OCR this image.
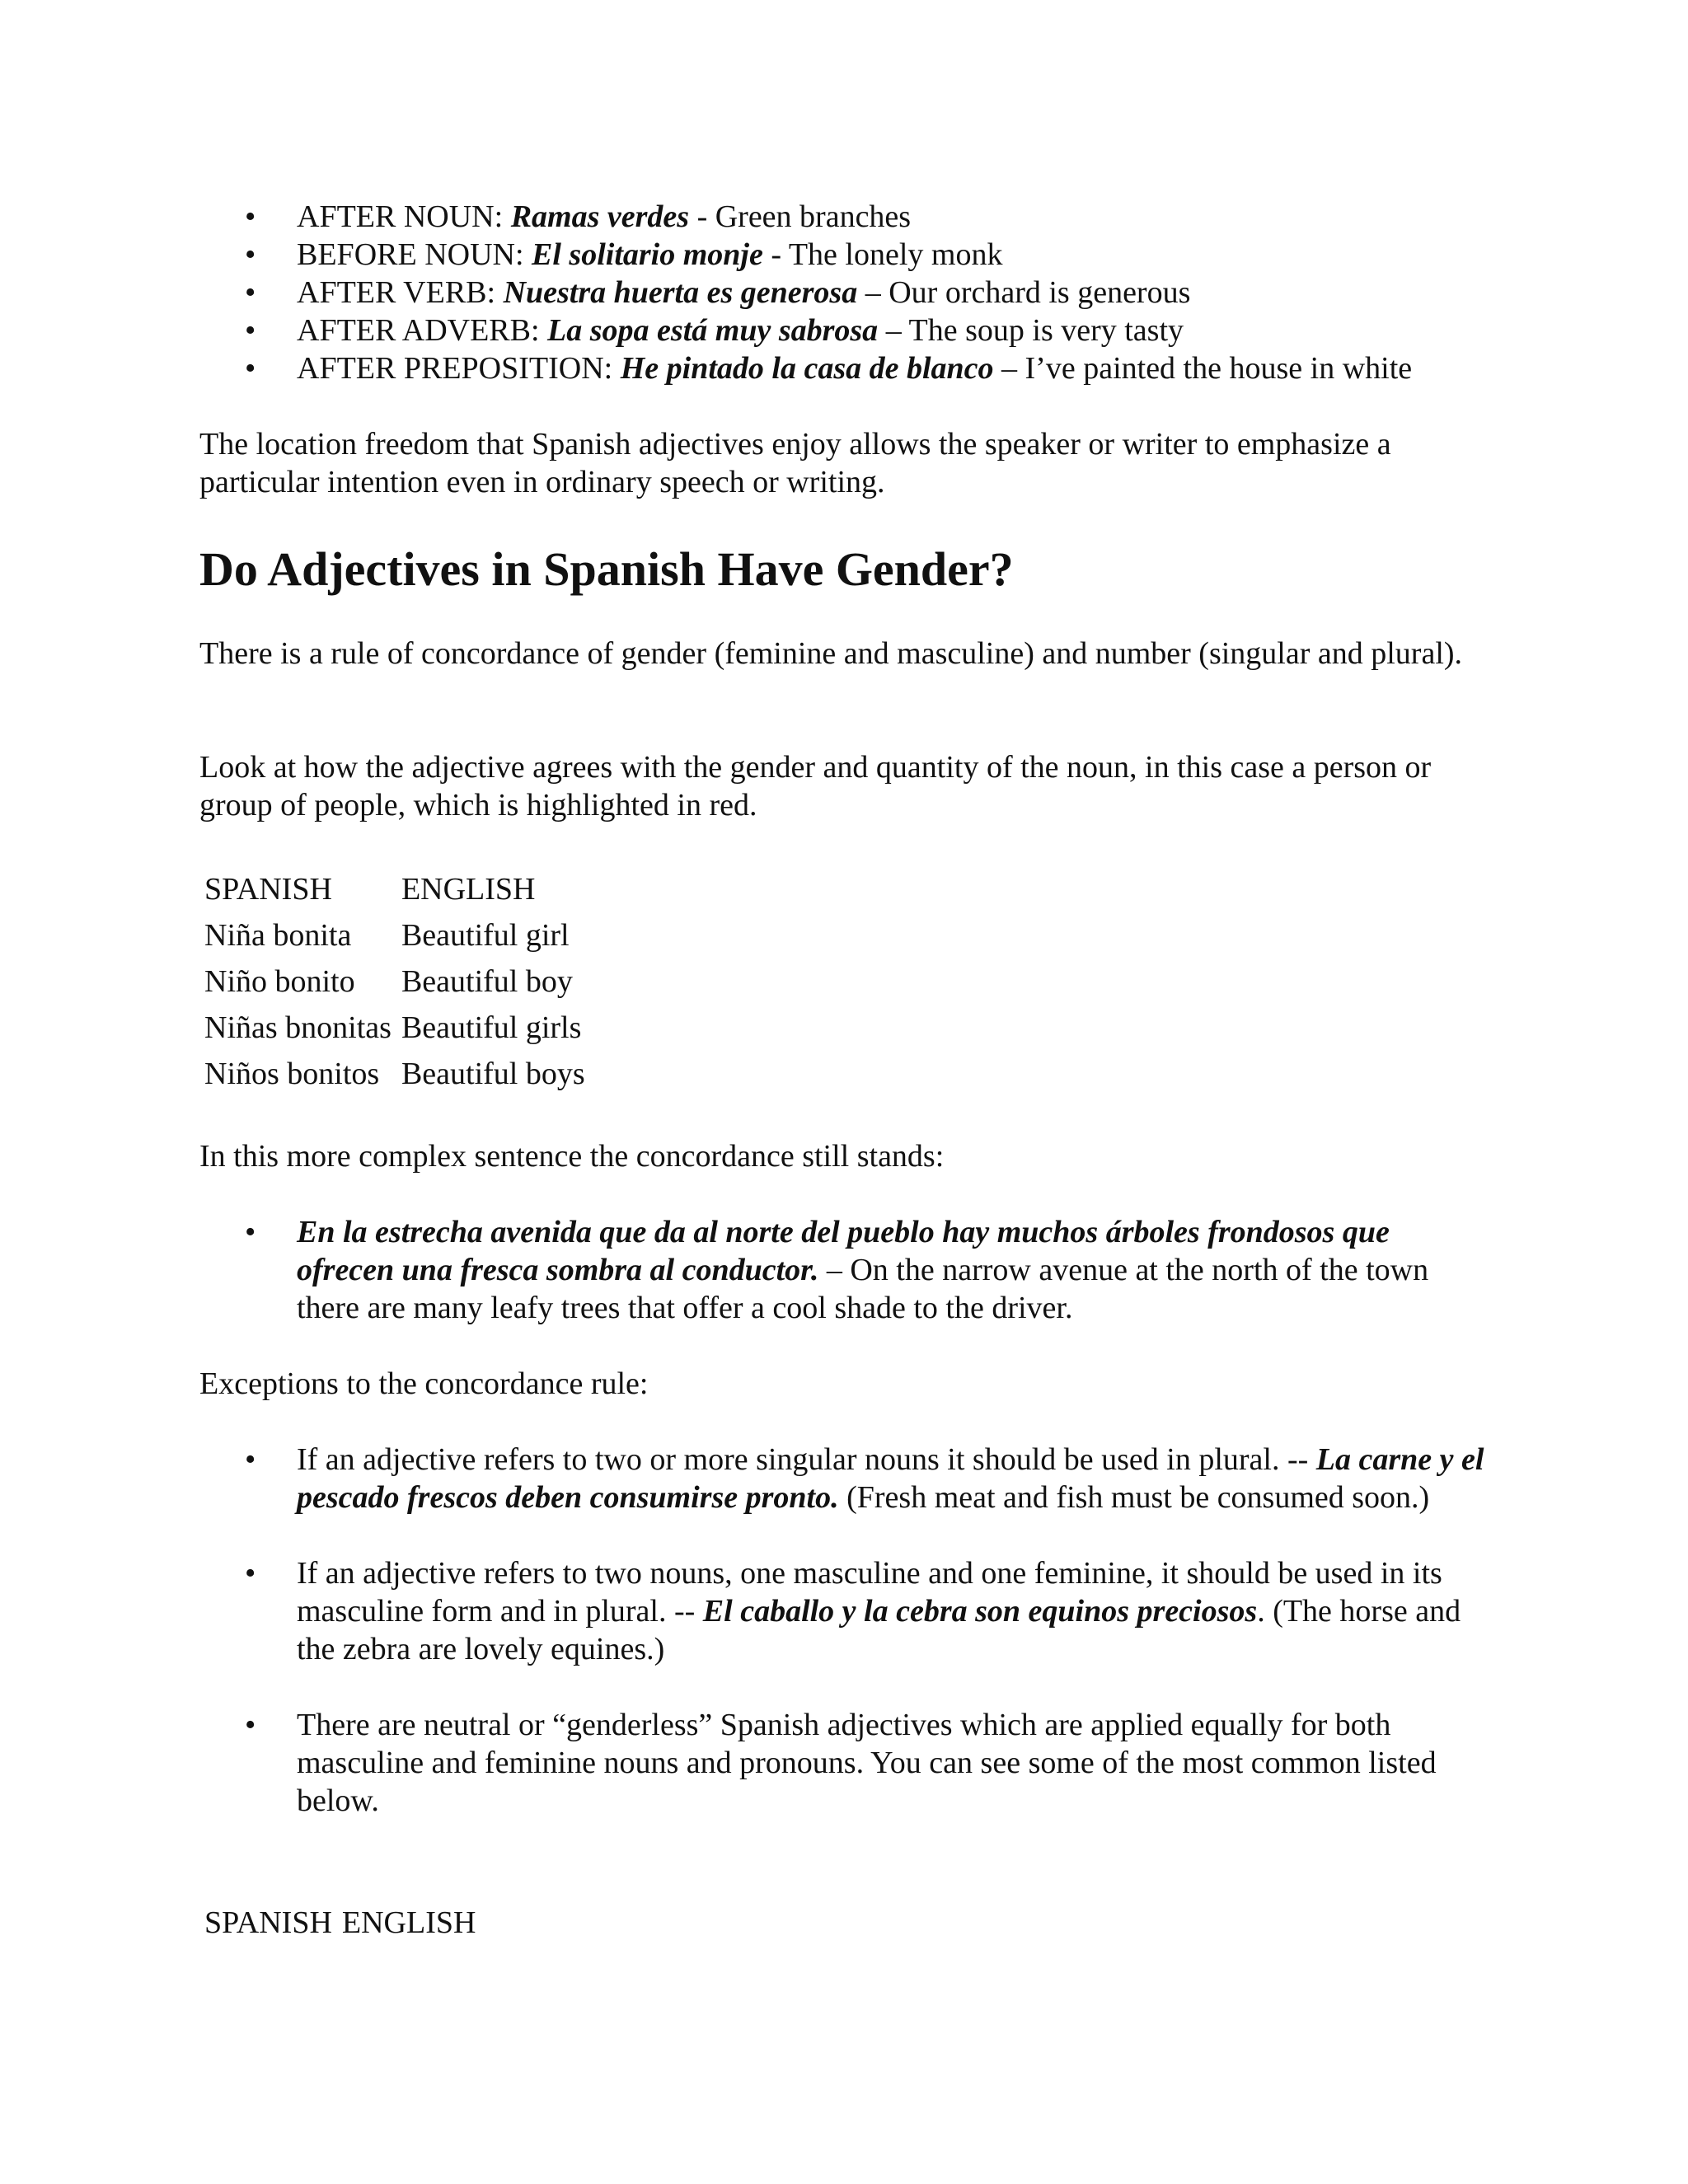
• AFTER NOUN: Ramas verdes - Green branches
• BEFORE NOUN: El solitario monje - The lonely monk
• AFTER VERB: Nuestra huerta es generosa – Our orchard is generous
• AFTER ADVERB: La sopa está muy sabrosa – The soup is very tasty
• AFTER PREPOSITION: He pintado la casa de blanco – I’ve painted the house in white

The location freedom that Spanish adjectives enjoy allows the speaker or writer to emphasize a particular intention even in ordinary speech or writing.

Do Adjectives in Spanish Have Gender?

There is a rule of concordance of gender (feminine and masculine) and number (singular and plural).

Look at how the adjective agrees with the gender and quantity of the noun, in this case a person or group of people, which is highlighted in red.

SPANISH	ENGLISH
Niña bonita	Beautiful girl
Niño bonito	Beautiful boy
Niñas bnonitas	Beautiful girls
Niños bonitos	Beautiful boys

In this more complex sentence the concordance still stands:

• En la estrecha avenida que da al norte del pueblo hay muchos árboles frondosos que ofrecen una fresca sombra al conductor. – On the narrow avenue at the north of the town there are many leafy trees that offer a cool shade to the driver.

Exceptions to the concordance rule:

• If an adjective refers to two or more singular nouns it should be used in plural. -- La carne y el pescado frescos deben consumirse pronto. (Fresh meat and fish must be consumed soon.)
• If an adjective refers to two nouns, one masculine and one feminine, it should be used in its masculine form and in plural. -- El caballo y la cebra son equinos preciosos. (The horse and the zebra are lovely equines.)
• There are neutral or “genderless” Spanish adjectives which are applied equally for both masculine and feminine nouns and pronouns. You can see some of the most common listed below.
SPANISH	ENGLISH
